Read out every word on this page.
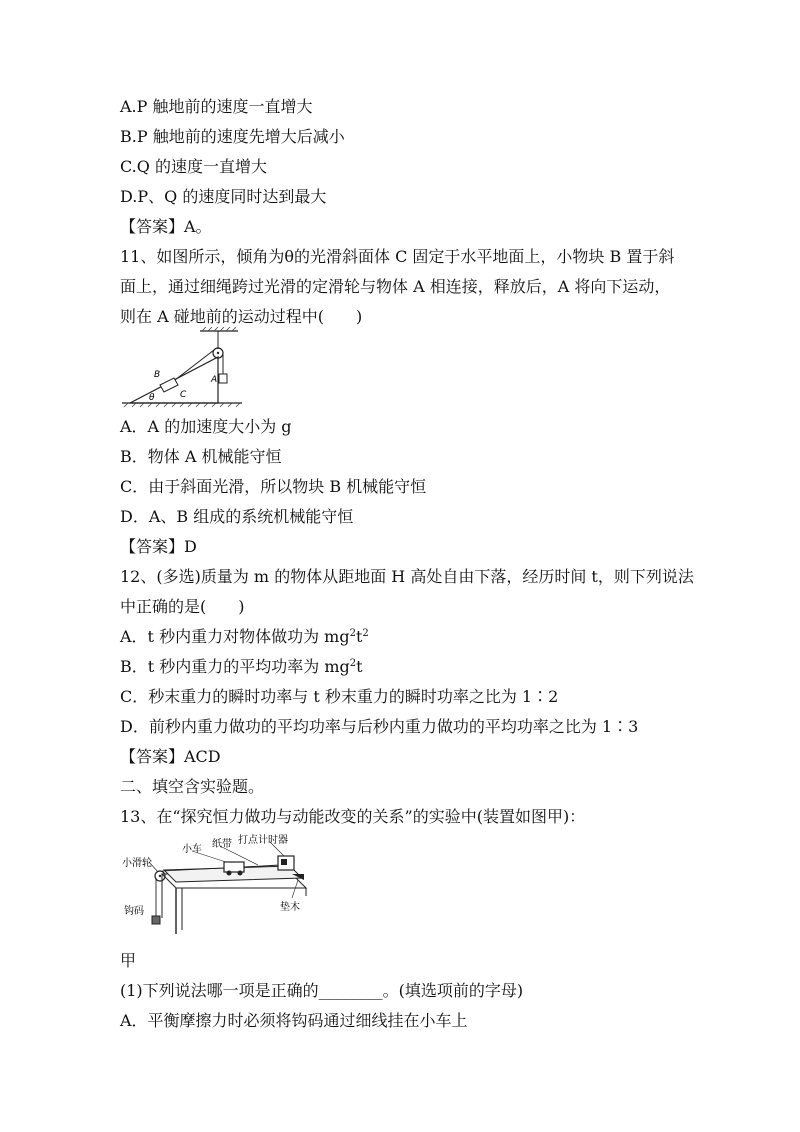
A.P 触地前的速度一直增大
B.P 触地前的速度先增大后减小
C.Q 的速度一直增大
D.P、Q 的速度同时达到最大
【答案】A。
11、如图所示，倾角为θ的光滑斜面体 C 固定于水平地面上，小物块 B 置于斜
面上，通过细绳跨过光滑的定滑轮与物体 A 相连接，释放后，A 将向下运动，
则在 A 碰地前的运动过程中(　　)
B
θ	C
A
A．A 的加速度大小为 g
B．物体 A 机械能守恒
C．由于斜面光滑，所以物块 B 机械能守恒
D．A、B 组成的系统机械能守恒
【答案】D
12、(多选)质量为 m 的物体从距地面 H 高处自由下落，经历时间 t，则下列说法
中正确的是(　　)
A．t 秒内重力对物体做功为 $mg^2t^2$
B．t 秒内重力的平均功率为 $mg^2t$
C．秒末重力的瞬时功率与 t 秒末重力的瞬时功率之比为 1∶2
D．前秒内重力做功的平均功率与后秒内重力做功的平均功率之比为 1∶3
【答案】ACD
二、填空含实验题。
13、在“探究恒力做功与动能改变的关系”的实验中(装置如图甲)：
小滑轮
小车 纸带 打点计时器
钩码	垫木
甲
(1)下列说法哪一项是正确的________。(填选项前的字母)
A．平衡摩擦力时必须将钩码通过细线挂在小车上
